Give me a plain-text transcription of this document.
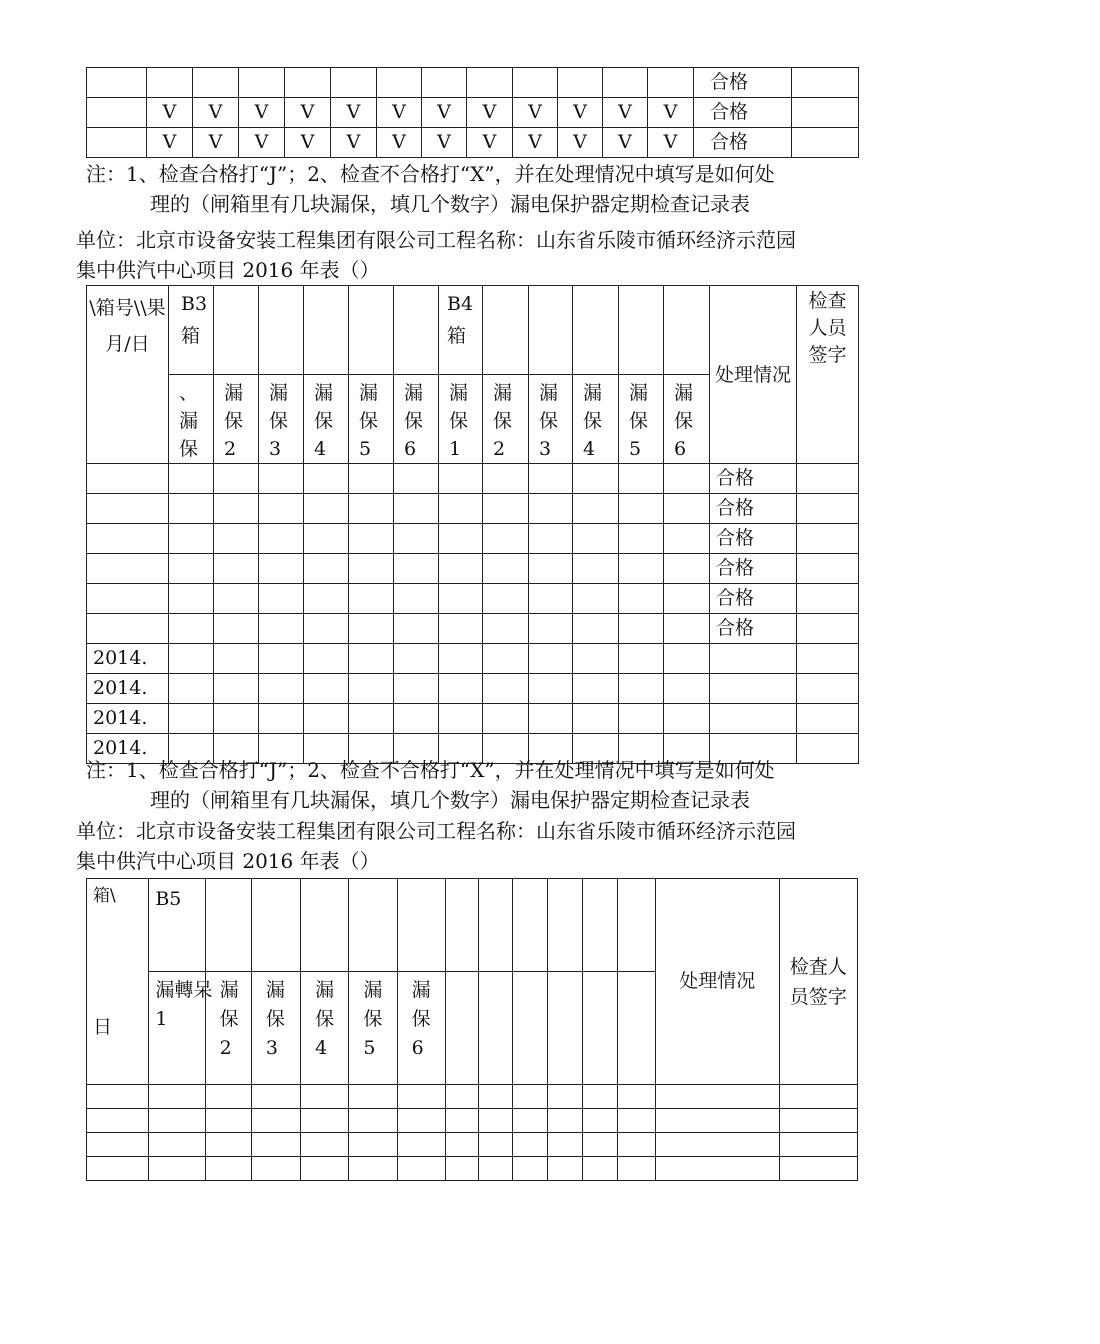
													合格	
	V	V	V	V	V	V	V	V	V	V	V	V	合格	
	V	V	V	V	V	V	V	V	V	V	V	V	合格	
注：1、检查合格打“J”；2、检查不合格打“X”，并在处理情况中填写是如何处
理的（闸箱里有几块漏保，填几个数字）漏电保护器定期检查记录表
单位：北京市设备安装工程集团有限公司工程名称：山东省乐陵市循环经济示范园
集中供汽中心项目 2016 年表（）
\箱号\\果月/日	B3箱						B4箱						处理情况	检查人员签字

	、漏保	漏保2	漏保3	漏保4	漏保5	漏保6	漏保1	漏保2	漏保3	漏保4	漏保5	漏保6		

													合格	
													合格	
													合格	
													合格	
													合格	
													合格	
2014.														
2014.														
2014.														
2014.														
注：1、检查合格打“J”；2、检查不合格打“X”，并在处理情况中填写是如何处
理的（闸箱里有几块漏保，填几个数字）漏电保护器定期检查记录表
单位：北京市设备安装工程集团有限公司工程名称：山东省乐陵市循环经济示范园
集中供汽中心项目 2016 年表（）
箱\	B5												处理情况	检査人员签字
日	漏轉呆1	漏保2	漏保3	漏保4	漏保5	漏保6								
